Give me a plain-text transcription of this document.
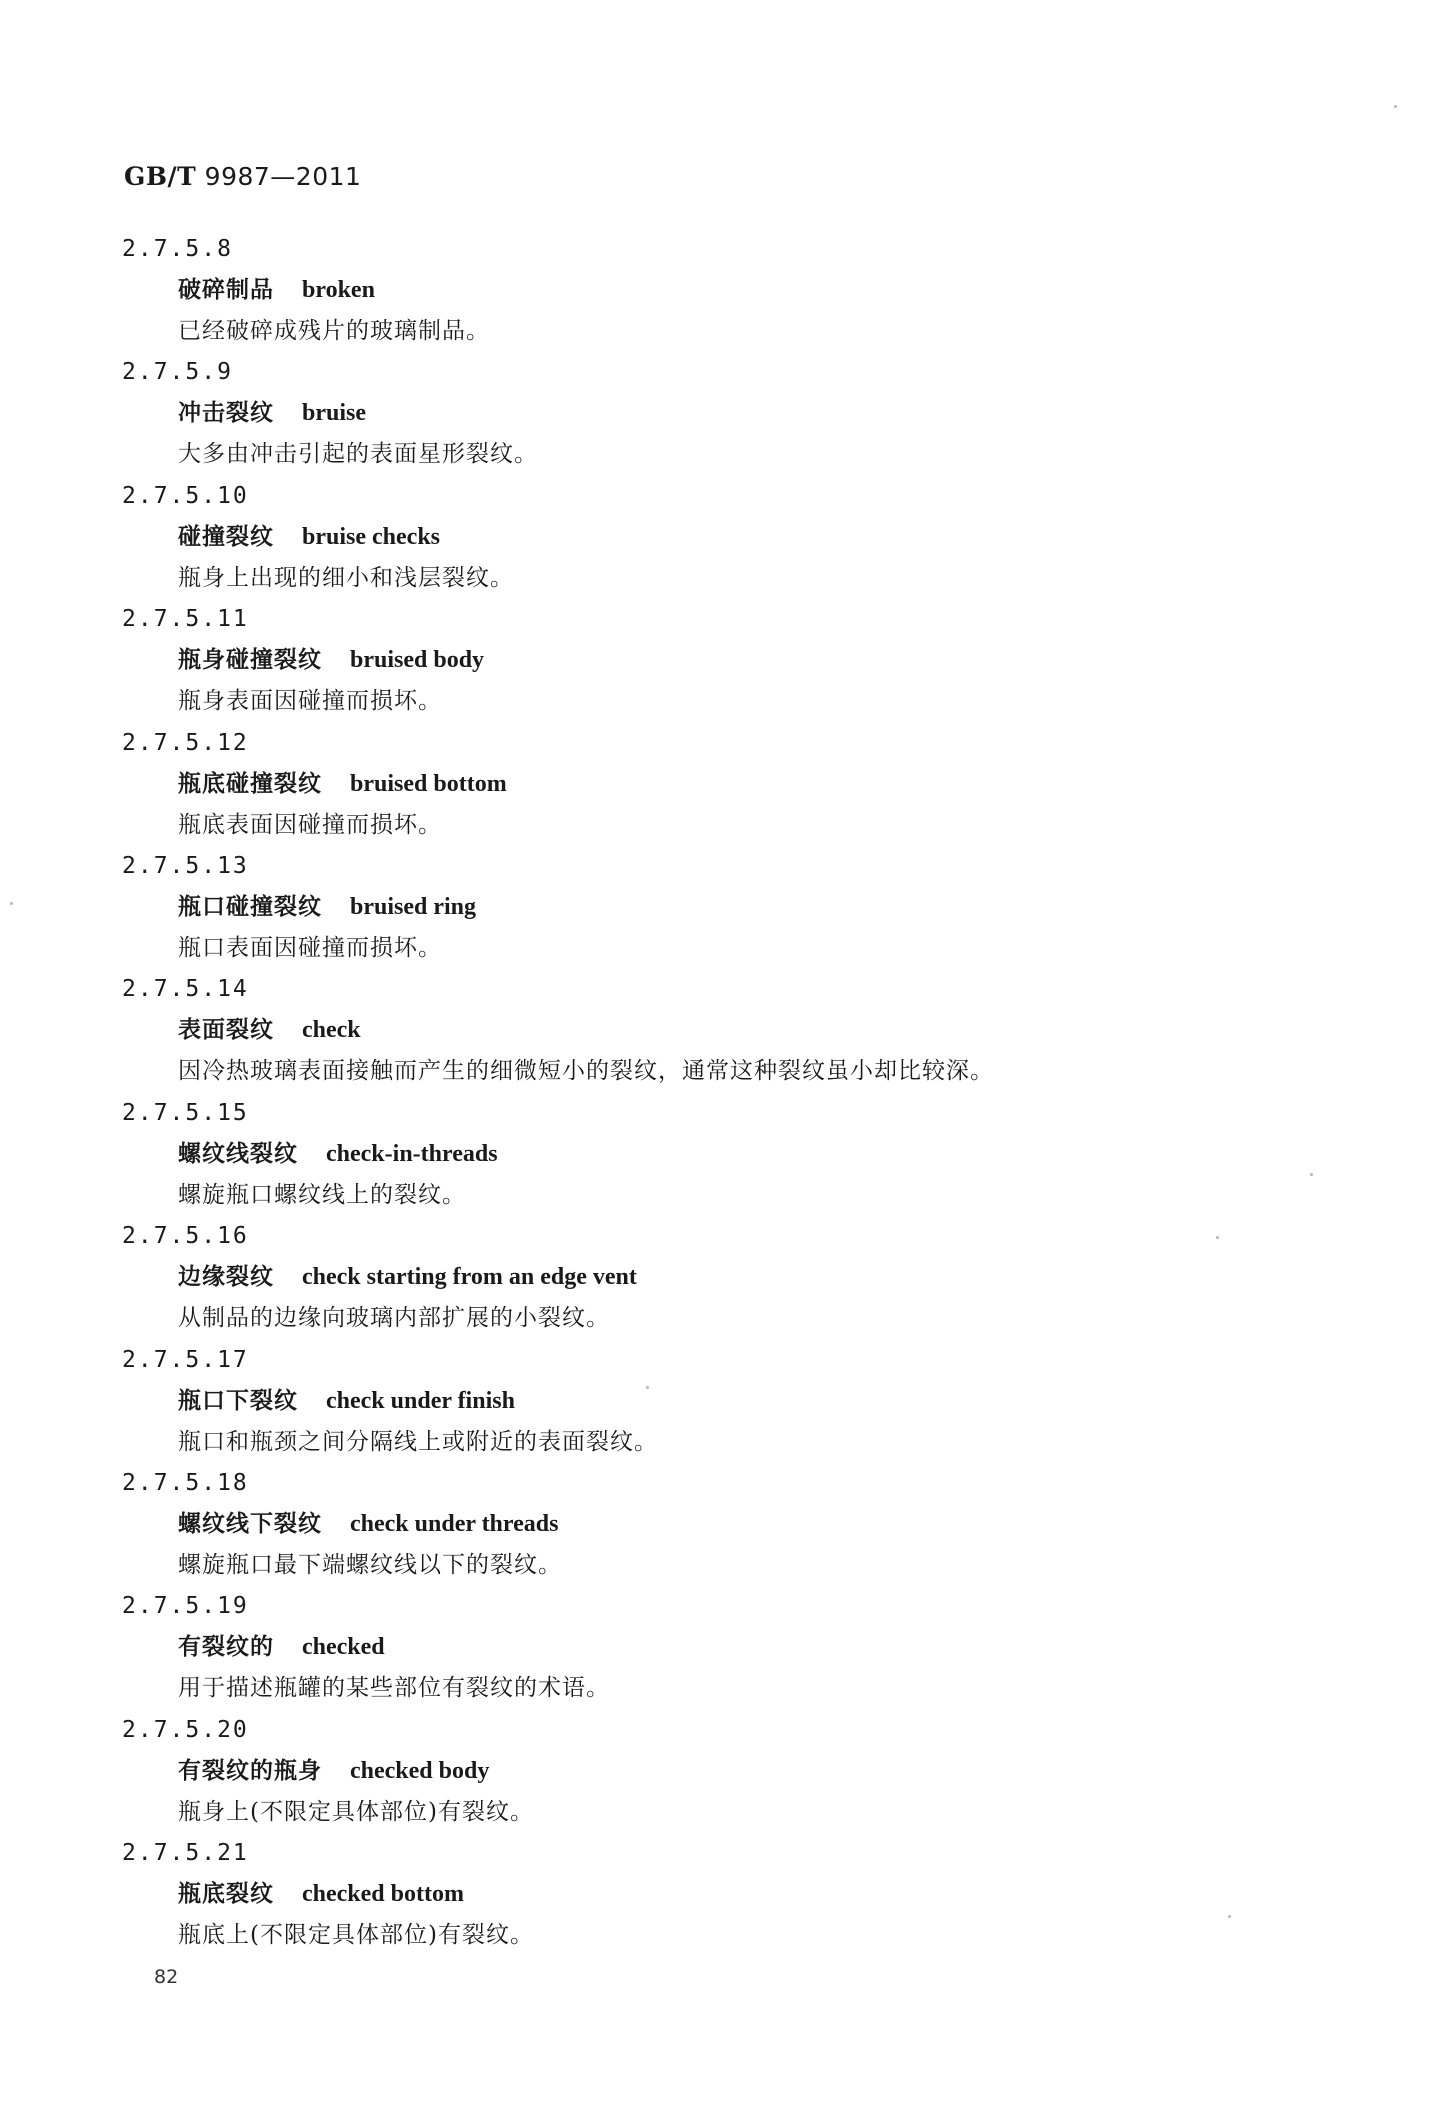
GB/T 9987—2011
2.7.5.8
破碎制品 broken
已经破碎成残片的玻璃制品。
2.7.5.9
冲击裂纹 bruise
大多由冲击引起的表面星形裂纹。
2.7.5.10
碰撞裂纹 bruise checks
瓶身上出现的细小和浅层裂纹。
2.7.5.11
瓶身碰撞裂纹 bruised body
瓶身表面因碰撞而损坏。
2.7.5.12
瓶底碰撞裂纹 bruised bottom
瓶底表面因碰撞而损坏。
2.7.5.13
瓶口碰撞裂纹 bruised ring
瓶口表面因碰撞而损坏。
2.7.5.14
表面裂纹 check
因冷热玻璃表面接触而产生的细微短小的裂纹，通常这种裂纹虽小却比较深。
2.7.5.15
螺纹线裂纹 check-in-threads
螺旋瓶口螺纹线上的裂纹。
2.7.5.16
边缘裂纹 check starting from an edge vent
从制品的边缘向玻璃内部扩展的小裂纹。
2.7.5.17
瓶口下裂纹 check under finish
瓶口和瓶颈之间分隔线上或附近的表面裂纹。
2.7.5.18
螺纹线下裂纹 check under threads
螺旋瓶口最下端螺纹线以下的裂纹。
2.7.5.19
有裂纹的 checked
用于描述瓶罐的某些部位有裂纹的术语。
2.7.5.20
有裂纹的瓶身 checked body
瓶身上(不限定具体部位)有裂纹。
2.7.5.21
瓶底裂纹 checked bottom
瓶底上(不限定具体部位)有裂纹。
82
